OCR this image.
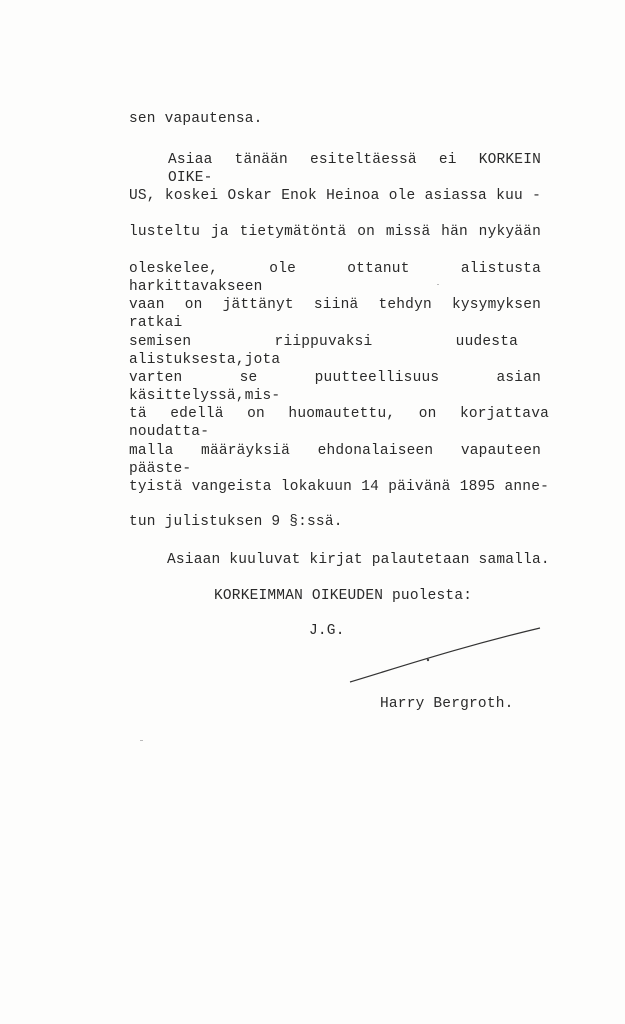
sen vapautensa.
Asiaa tänään esiteltäessä ei KORKEIN OIKE-
US, koskei Oskar Enok Heinoa ole asiassa kuu -
lusteltu ja tietymätöntä on missä hän nykyään
oleskelee, ole ottanut alistusta harkittavakseen
vaan on jättänyt siinä tehdyn kysymyksen ratkai
semisen riippuvaksi uudesta alistuksesta,jota
varten se puutteellisuus asian käsittelyssä,mis-
tä edellä on huomautettu, on korjattava noudatta-
malla määräyksiä ehdonalaiseen vapauteen pääste-
tyistä vangeista lokakuun 14 päivänä 1895 anne-
tun julistuksen 9 §:ssä.
Asiaan kuuluvat kirjat palautetaan samalla.
KORKEIMMAN OIKEUDEN puolesta:
J.G.
Harry Bergroth.
